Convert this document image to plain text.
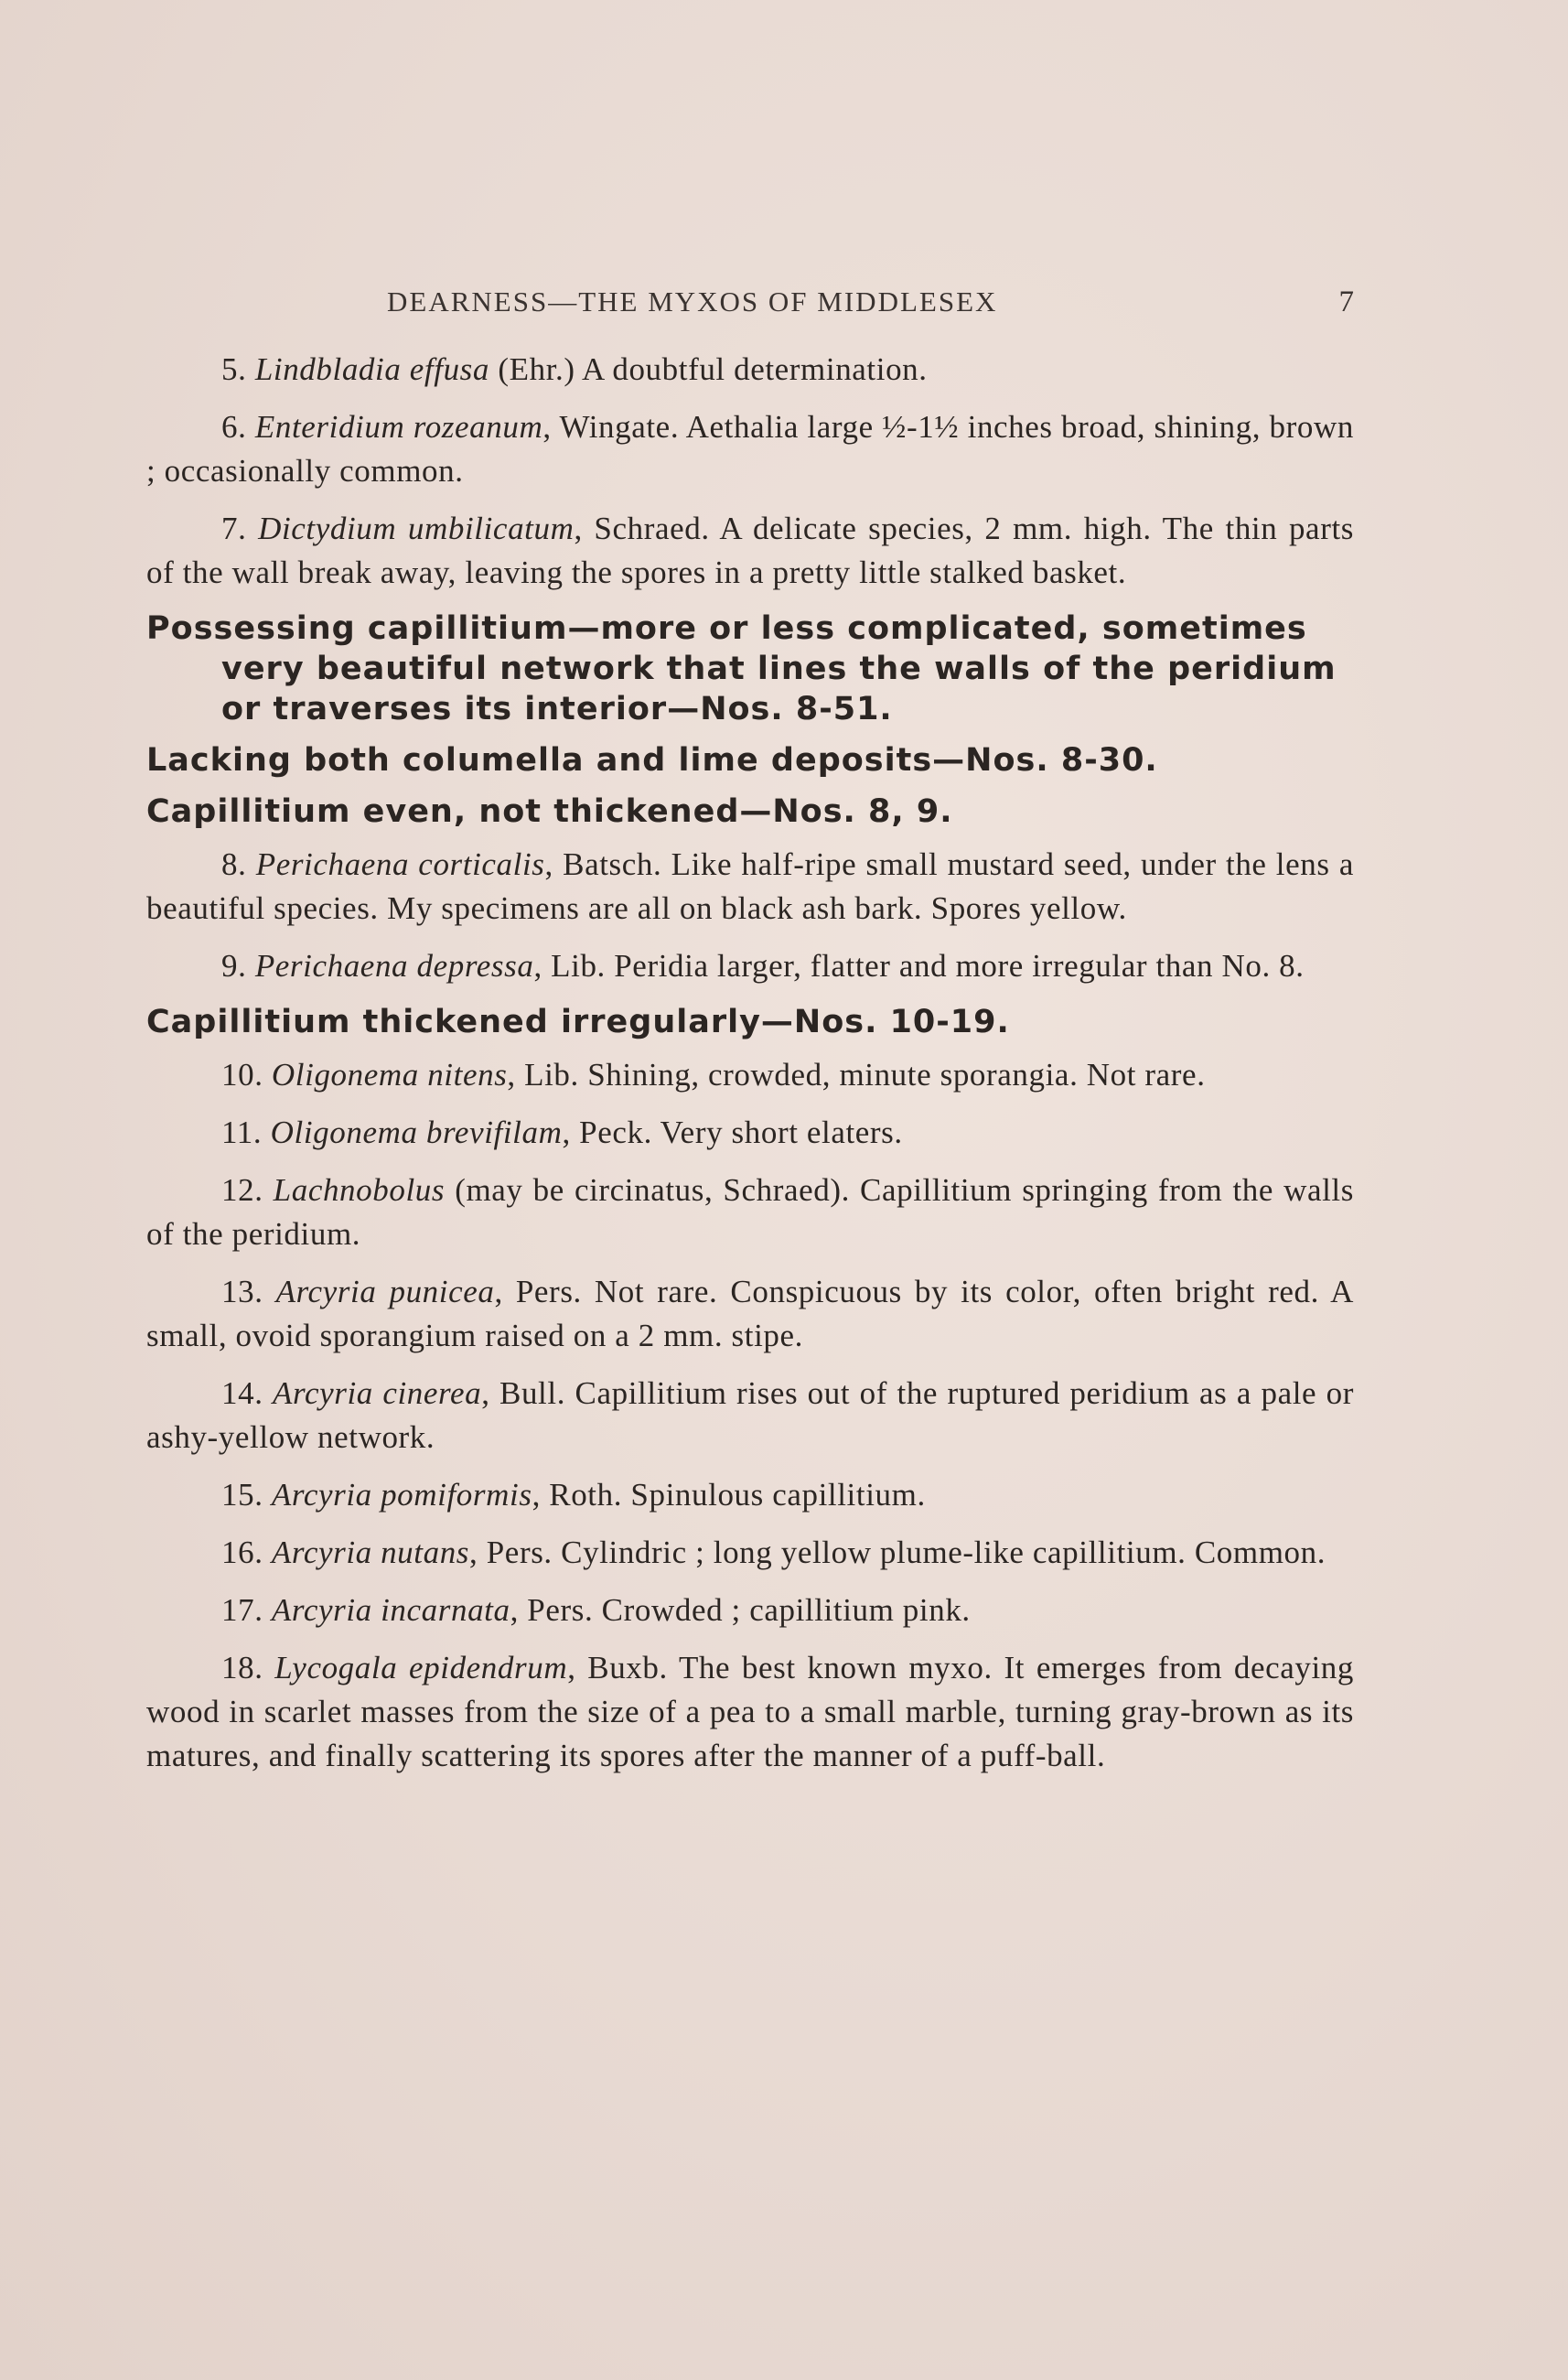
DEARNESS—THE MYXOS OF MIDDLESEX	7

5. Lindbladia effusa (Ehr.) A doubtful determination.

6. Enteridium rozeanum, Wingate. Aethalia large ½-1½ inches broad, shining, brown ; occasionally common.

7. Dictydium umbilicatum, Schraed. A delicate species, 2 mm. high. The thin parts of the wall break away, leaving the spores in a pretty little stalked basket.

Possessing capillitium—more or less complicated, sometimes very beautiful network that lines the walls of the peridium or traverses its interior—Nos. 8-51.

Lacking both columella and lime deposits—Nos. 8-30.

Capillitium even, not thickened—Nos. 8, 9.

8. Perichaena corticalis, Batsch. Like half-ripe small mustard seed, under the lens a beautiful species. My specimens are all on black ash bark. Spores yellow.

9. Perichaena depressa, Lib. Peridia larger, flatter and more irregular than No. 8.

Capillitium thickened irregularly—Nos. 10-19.

10. Oligonema nitens, Lib. Shining, crowded, minute sporangia. Not rare.

11. Oligonema brevifilam, Peck. Very short elaters.

12. Lachnobolus (may be circinatus, Schraed). Capillitium springing from the walls of the peridium.

13. Arcyria punicea, Pers. Not rare. Conspicuous by its color, often bright red. A small, ovoid sporangium raised on a 2 mm. stipe.

14. Arcyria cinerea, Bull. Capillitium rises out of the ruptured peridium as a pale or ashy-yellow network.

15. Arcyria pomiformis, Roth. Spinulous capillitium.

16. Arcyria nutans, Pers. Cylindric ; long yellow plume-like capillitium. Common.

17. Arcyria incarnata, Pers. Crowded ; capillitium pink.

18. Lycogala epidendrum, Buxb. The best known myxo. It emerges from decaying wood in scarlet masses from the size of a pea to a small marble, turning gray-brown as its matures, and finally scattering its spores after the manner of a puff-ball.
